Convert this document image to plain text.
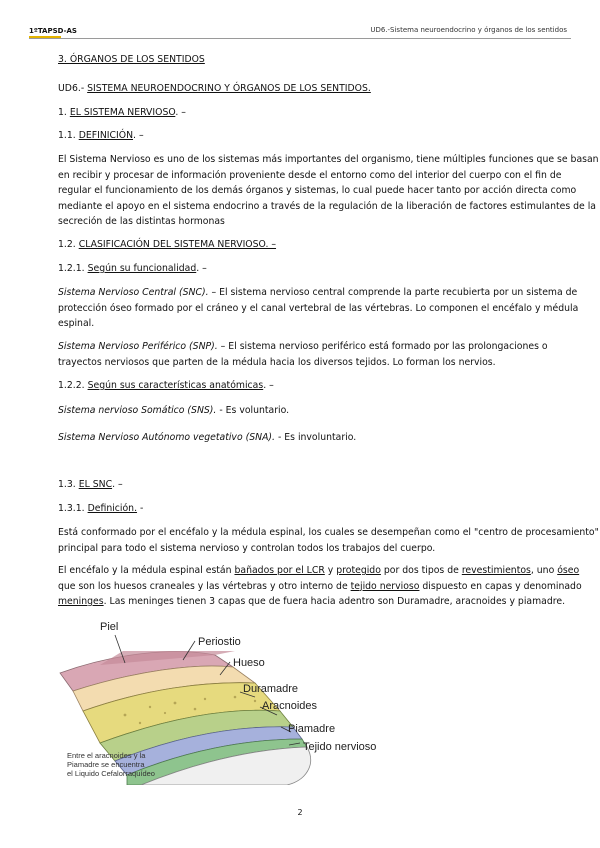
1ºTAPSD-AS	UD6.-Sistema neuroendocrino y órganos de los sentidos
3. ÓRGANOS DE LOS SENTIDOS
UD6.- SISTEMA NEUROENDOCRINO Y ÓRGANOS DE LOS SENTIDOS.
1. EL SISTEMA NERVIOSO. –
1.1. DEFINICIÓN. –
El Sistema Nervioso es uno de los sistemas más importantes del organismo, tiene múltiples funciones que se basan
en recibir y procesar de información proveniente desde el entorno como del interior del cuerpo con el fin de
regular el funcionamiento de los demás órganos y sistemas, lo cual puede hacer tanto por acción directa como
mediante el apoyo en el sistema endocrino a través de la regulación de la liberación de factores estimulantes de la
secreción de las distintas hormonas
1.2. CLASIFICACIÓN DEL SISTEMA NERVIOSO. –
1.2.1. Según su funcionalidad. –
Sistema Nervioso Central (SNC). – El sistema nervioso central comprende la parte recubierta por un sistema de
protección óseo formado por el cráneo y el canal vertebral de las vértebras. Lo componen el encéfalo y médula
espinal.
Sistema Nervioso Periférico (SNP). – El sistema nervioso periférico está formado por las prolongaciones o
trayectos nerviosos que parten de la médula hacia los diversos tejidos. Lo forman los nervios.
1.2.2. Según sus características anatómicas. –
Sistema nervioso Somático (SNS). - Es voluntario.
Sistema Nervioso Autónomo vegetativo (SNA). - Es involuntario.
1.3. EL SNC. –
1.3.1. Definición. -
Está conformado por el encéfalo y la médula espinal, los cuales se desempeñan como el "centro de procesamiento"
principal para todo el sistema nervioso y controlan todos los trabajos del cuerpo.
El encéfalo y la médula espinal están bañados por el LCR y protegido por dos tipos de revestimientos, uno óseo
que son los huesos craneales y las vértebras y otro interno de tejido nervioso dispuesto en capas y denominado
meninges. Las meninges tienen 3 capas que de fuera hacia adentro son Duramadre, aracnoides y piamadre.
Piel
Periostio
Hueso
Duramadre
Aracnoides
Piamadre
Tejido nervioso
Entre el aracnoides y la
Piamadre se encuentra
el Liquido Cefalorraquídeo
2
